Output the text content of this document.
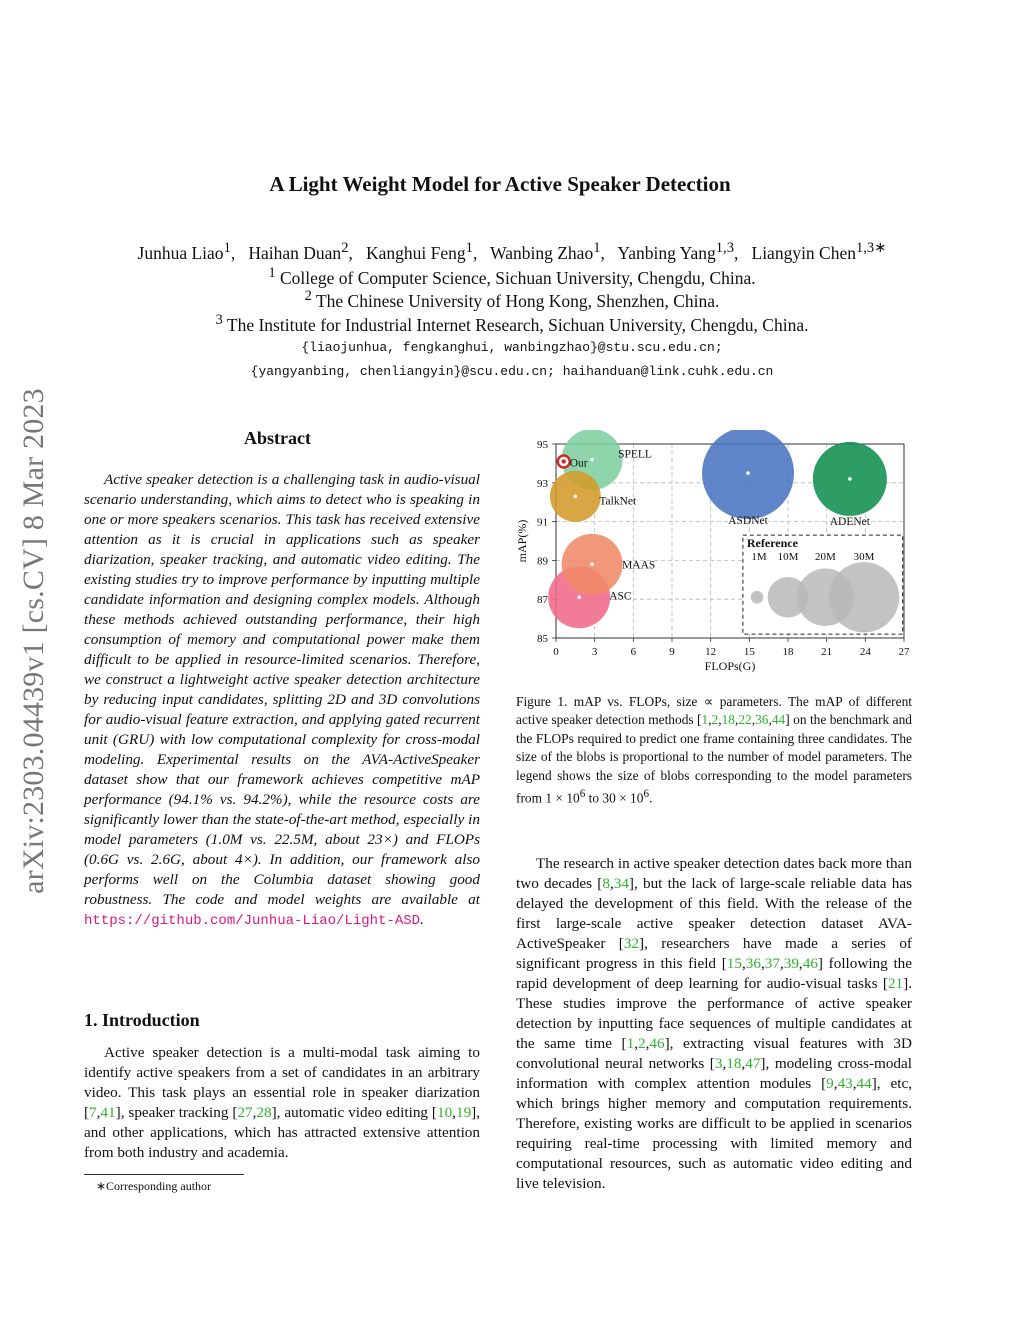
A Light Weight Model for Active Speaker Detection
Junhua Liao$^1$,   Haihan Duan$^2$,   Kanghui Feng$^1$,   Wanbing Zhao$^1$,   Yanbing Yang$^{1,3}$,   Liangyin Chen$^{1,3∗}$
$^1$ College of Computer Science, Sichuan University, Chengdu, China.
$^2$ The Chinese University of Hong Kong, Shenzhen, China.
$^3$ The Institute for Industrial Internet Research, Sichuan University, Chengdu, China.
{liaojunhua, fengkanghui, wanbingzhao}@stu.scu.edu.cn;
{yangyanbing, chenliangyin}@scu.edu.cn; haihanduan@link.cuhk.edu.cn
arXiv:2303.04439v1 [cs.CV] 8 Mar 2023	Abstract
Active speaker detection is a challenging task in audio-visual scenario understanding, which aims to detect who is speaking in one or more speakers scenarios. This task has received extensive attention as it is crucial in applications such as speaker diarization, speaker tracking, and automatic video editing. The existing studies try to improve performance by inputting multiple candidate information and designing complex models. Although these methods achieved outstanding performance, their high consumption of memory and computational power make them difficult to be applied in resource-limited scenarios. Therefore, we construct a lightweight active speaker detection architecture by reducing input candidates, splitting 2D and 3D convolutions for audio-visual feature extraction, and applying gated recurrent unit (GRU) with low computational complexity for cross-modal modeling. Experimental results on the AVA-ActiveSpeaker dataset show that our framework achieves competitive mAP performance (94.1% vs. 94.2%), while the resource costs are significantly lower than the state-of-the-art method, especially in model parameters (1.0M vs. 22.5M, about 23×) and FLOPs (0.6G vs. 2.6G, about 4×). In addition, our framework also performs well on the Columbia dataset showing good robustness. The code and model weights are available at https://github.com/Junhua-Liao/Light-ASD.
1. Introduction
Active speaker detection is a multi-modal task aiming to identify active speakers from a set of candidates in an arbitrary video. This task plays an essential role in speaker diarization [7,41], speaker tracking [27,28], automatic video editing [10,19], and other applications, which has attracted extensive attention from both industry and academia.
∗Corresponding author
0	3	6	9	12	15	18	21	24	27
85
87
89
91
93
95
FLOPs(G)
mAP(%)	ASDNet	ADENet
ASC
SPELL
MAAS
TalkNet
Our
Reference
1M 10M 20M 30M
Figure 1. mAP vs. FLOPs, size ∝ parameters. The mAP of different active speaker detection methods [1,2,18,22,36,44] on the benchmark and the FLOPs required to predict one frame containing three candidates. The size of the blobs is proportional to the number of model parameters. The legend shows the size of blobs corresponding to the model parameters from $1 \times 10^6$ to $30 \times 10^6$.
The research in active speaker detection dates back more than two decades [8,34], but the lack of large-scale reliable data has delayed the development of this field. With the release of the first large-scale active speaker detection dataset AVA-ActiveSpeaker [32], researchers have made a series of significant progress in this field [15,36,37,39,46] following the rapid development of deep learning for audio-visual tasks [21]. These studies improve the performance of active speaker detection by inputting face sequences of multiple candidates at the same time [1,2,46], extracting visual features with 3D convolutional neural networks [3,18,47], modeling cross-modal information with complex attention modules [9,43,44], etc, which brings higher memory and computation requirements. Therefore, existing works are difficult to be applied in scenarios requiring real-time processing with limited memory and computational resources, such as automatic video editing and live television.
